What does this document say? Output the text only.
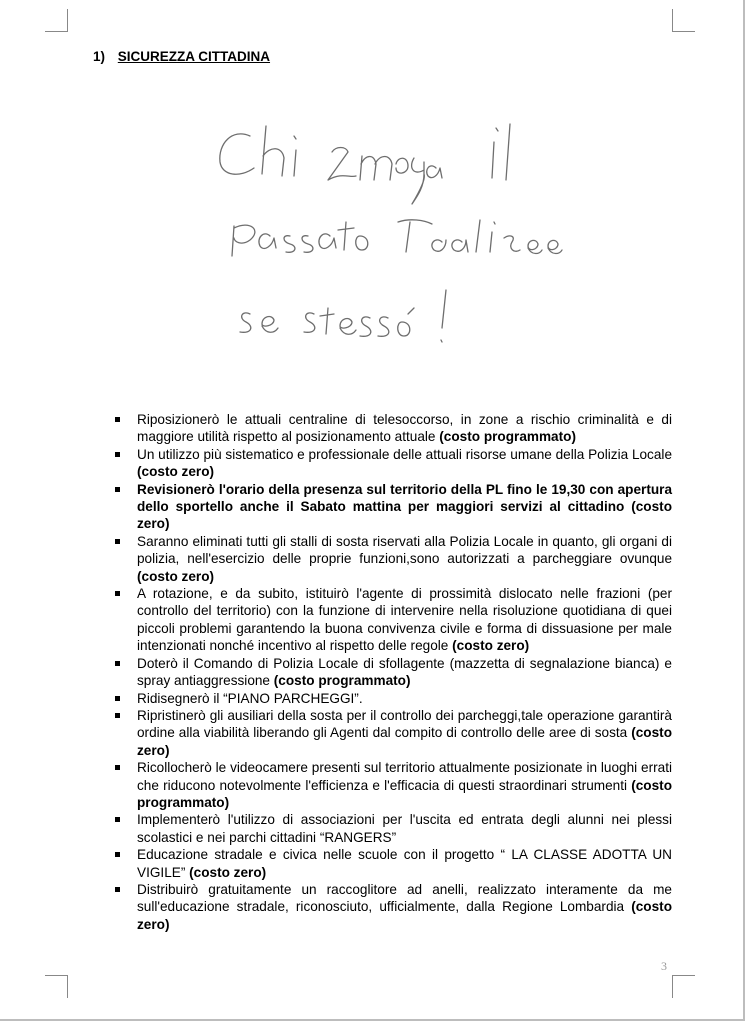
1) SICUREZZA CITTADINA
Riposizionerò le attuali centraline di telesoccorso, in zone a rischio criminalità e di maggiore utilità rispetto al posizionamento attuale (costo programmato)
Un utilizzo più sistematico e professionale delle attuali risorse umane della Polizia Locale (costo zero)
Revisionerò l'orario della presenza sul territorio della PL fino le 19,30 con apertura dello sportello anche il Sabato mattina per maggiori servizi al cittadino (costo zero)
Saranno eliminati tutti gli stalli di sosta riservati alla Polizia Locale in quanto, gli organi di polizia, nell'esercizio delle proprie funzioni,sono autorizzati a parcheggiare ovunque (costo zero)
A rotazione, e da subito, istituirò l'agente di prossimità dislocato nelle frazioni (per controllo del territorio) con la funzione di intervenire nella risoluzione quotidiana di quei piccoli problemi garantendo la buona convivenza civile e forma di dissuasione per male intenzionati nonché incentivo al rispetto delle regole (costo zero)
Doterò il Comando di Polizia Locale di sfollagente (mazzetta di segnalazione bianca) e spray antiaggressione (costo programmato)
Ridisegnerò il “PIANO PARCHEGGI”.
Ripristinerò gli ausiliari della sosta per il controllo dei parcheggi,tale operazione garantirà ordine alla viabilità liberando gli Agenti dal compito di controllo delle aree di sosta (costo zero)
Ricollocherò le videocamere presenti sul territorio attualmente posizionate in luoghi errati che riducono notevolmente l'efficienza e l'efficacia di questi straordinari strumenti (costo programmato)
Implementerò l'utilizzo di associazioni per l'uscita ed entrata degli alunni nei plessi scolastici e nei parchi cittadini “RANGERS”
Educazione stradale e civica nelle scuole con il progetto “ LA CLASSE ADOTTA UN VIGILE” (costo zero)
Distribuirò gratuitamente un raccoglitore ad anelli, realizzato interamente da me sull'educazione stradale, riconosciuto, ufficialmente, dalla Regione Lombardia (costo zero)
3
